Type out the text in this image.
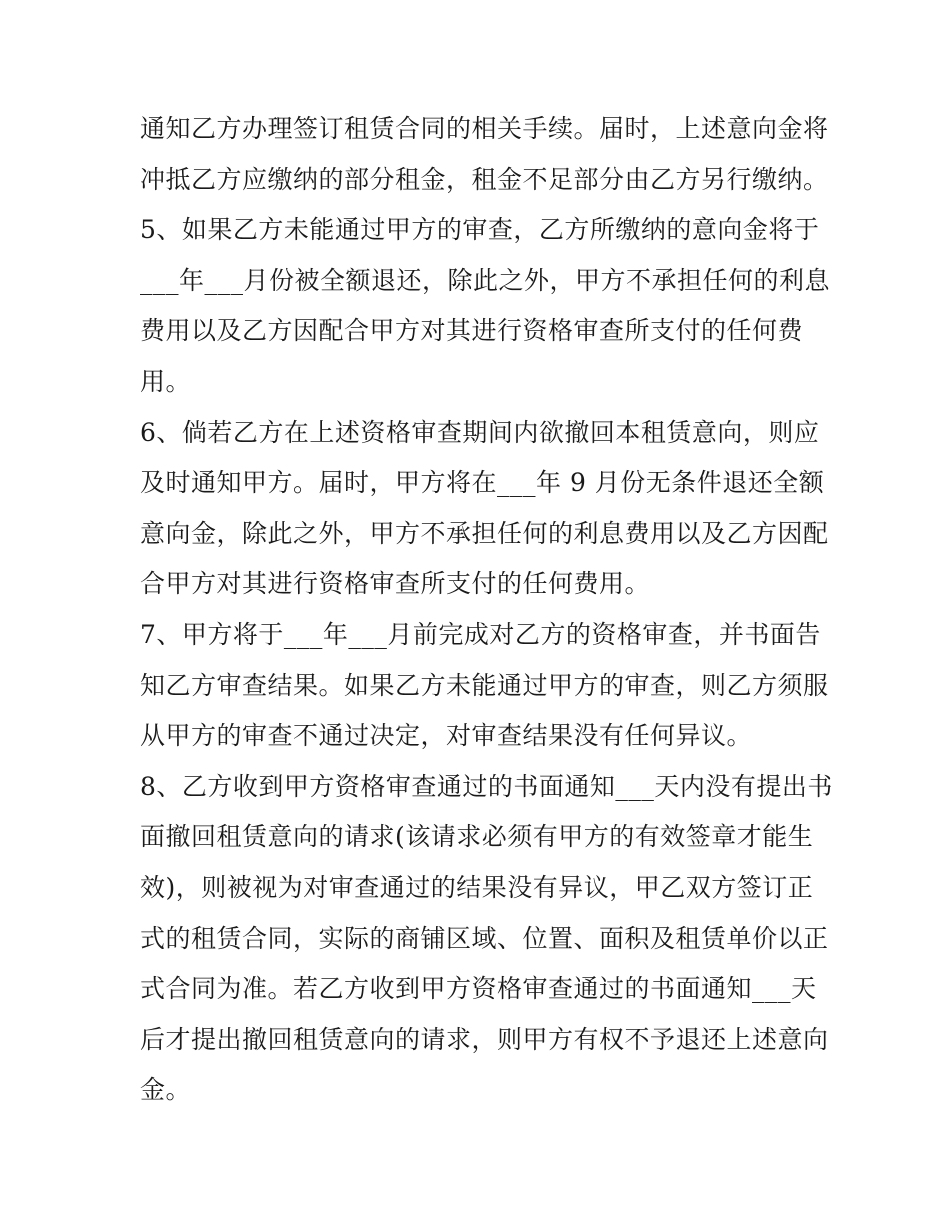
通知乙方办理签订租赁合同的相关手续。届时，上述意向金将
冲抵乙方应缴纳的部分租金，租金不足部分由乙方另行缴纳。
5、如果乙方未能通过甲方的审查，乙方所缴纳的意向金将于
___年___月份被全额退还，除此之外，甲方不承担任何的利息
费用以及乙方因配合甲方对其进行资格审查所支付的任何费
用。
6、倘若乙方在上述资格审查期间内欲撤回本租赁意向，则应
及时通知甲方。届时，甲方将在___年 9 月份无条件退还全额
意向金，除此之外，甲方不承担任何的利息费用以及乙方因配
合甲方对其进行资格审查所支付的任何费用。
7、甲方将于___年___月前完成对乙方的资格审查，并书面告
知乙方审查结果。如果乙方未能通过甲方的审查，则乙方须服
从甲方的审查不通过决定，对审查结果没有任何异议。
8、乙方收到甲方资格审查通过的书面通知___天内没有提出书
面撤回租赁意向的请求(该请求必须有甲方的有效签章才能生
效)，则被视为对审查通过的结果没有异议，甲乙双方签订正
式的租赁合同，实际的商铺区域、位置、面积及租赁单价以正
式合同为准。若乙方收到甲方资格审查通过的书面通知___天
后才提出撤回租赁意向的请求，则甲方有权不予退还上述意向
金。
